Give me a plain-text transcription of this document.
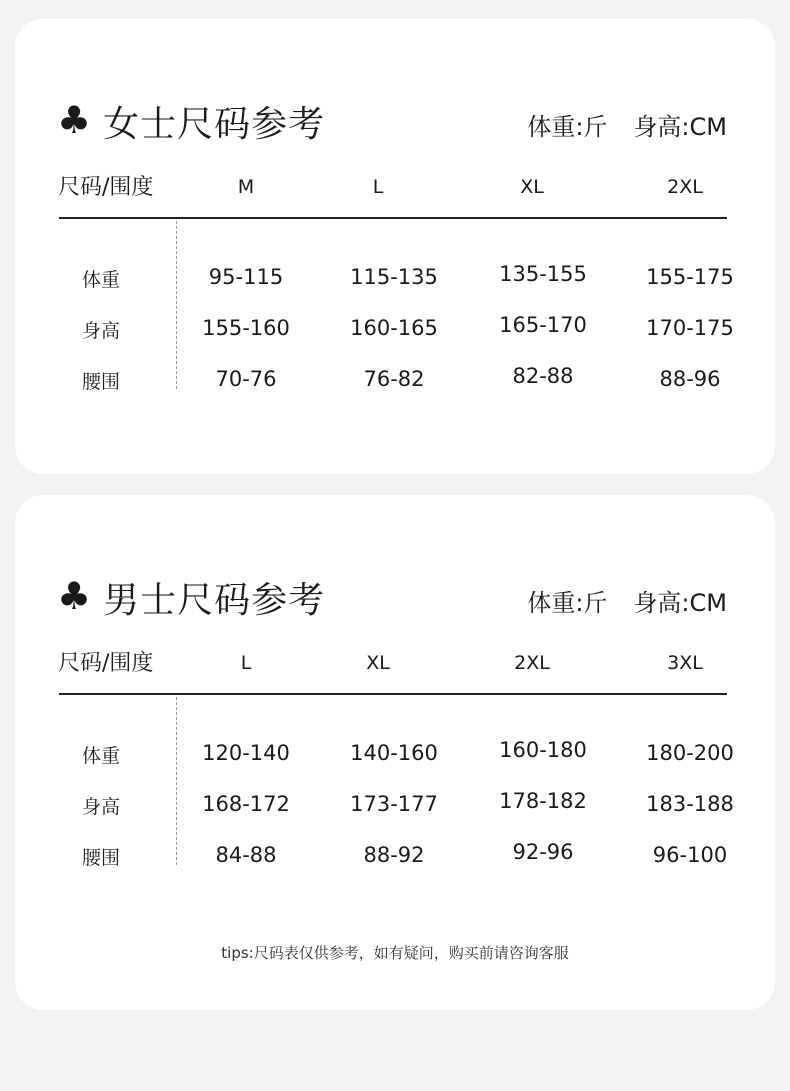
♣ 女士尺码参考	体重:斤 身高:CM
尺码/围度	M	L	XL	2XL
体重	95-115	115-135	135-155	155-175
身高	155-160	160-165	165-170	170-175
腰围	70-76	76-82	82-88	88-96
♣ 男士尺码参考	体重:斤 身高:CM
尺码/围度	L	XL	2XL	3XL
体重	120-140	140-160	160-180	180-200
身高	168-172	173-177	178-182	183-188
腰围	84-88	88-92	92-96	96-100
tips:尺码表仅供参考，如有疑问，购买前请咨询客服
